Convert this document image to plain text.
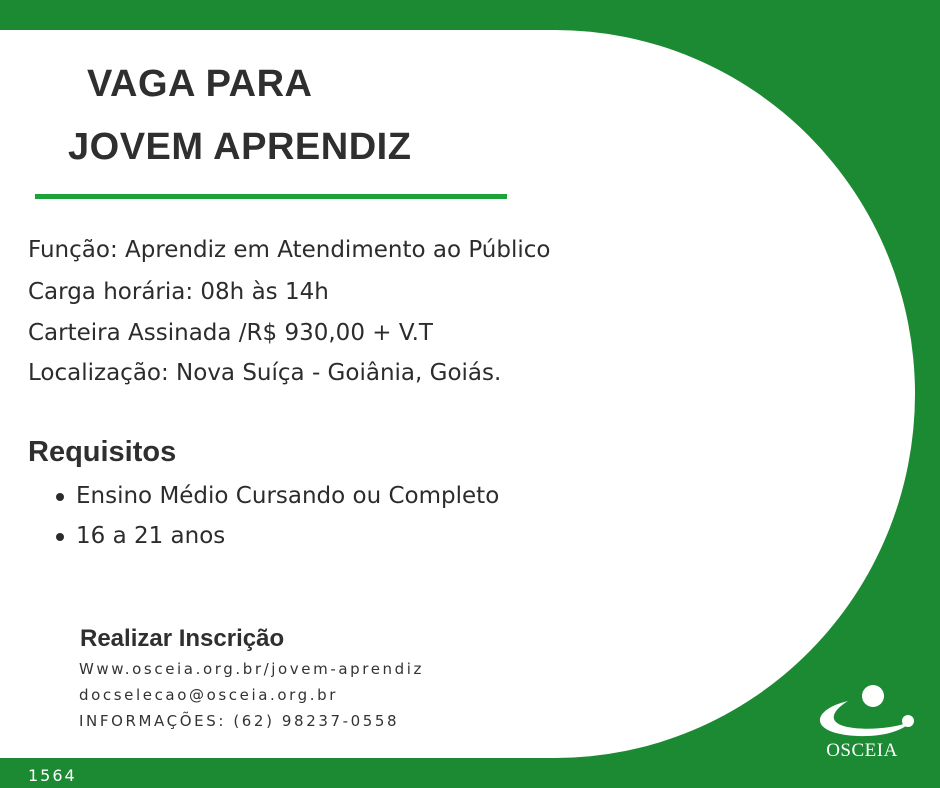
VAGA PARA
JOVEM APRENDIZ
Função: Aprendiz em Atendimento ao Público
Carga horária: 08h às 14h
Carteira Assinada /R$ 930,00 + V.T
Localização: Nova Suíça - Goiânia, Goiás.
Requisitos
Ensino Médio Cursando ou Completo
16 a 21 anos
Realizar Inscrição
Www.osceia.org.br/jovem-aprendiz
docselecao@osceia.org.br
INFORMAÇÕES: (62) 98237-0558
OSCEIA
1564
